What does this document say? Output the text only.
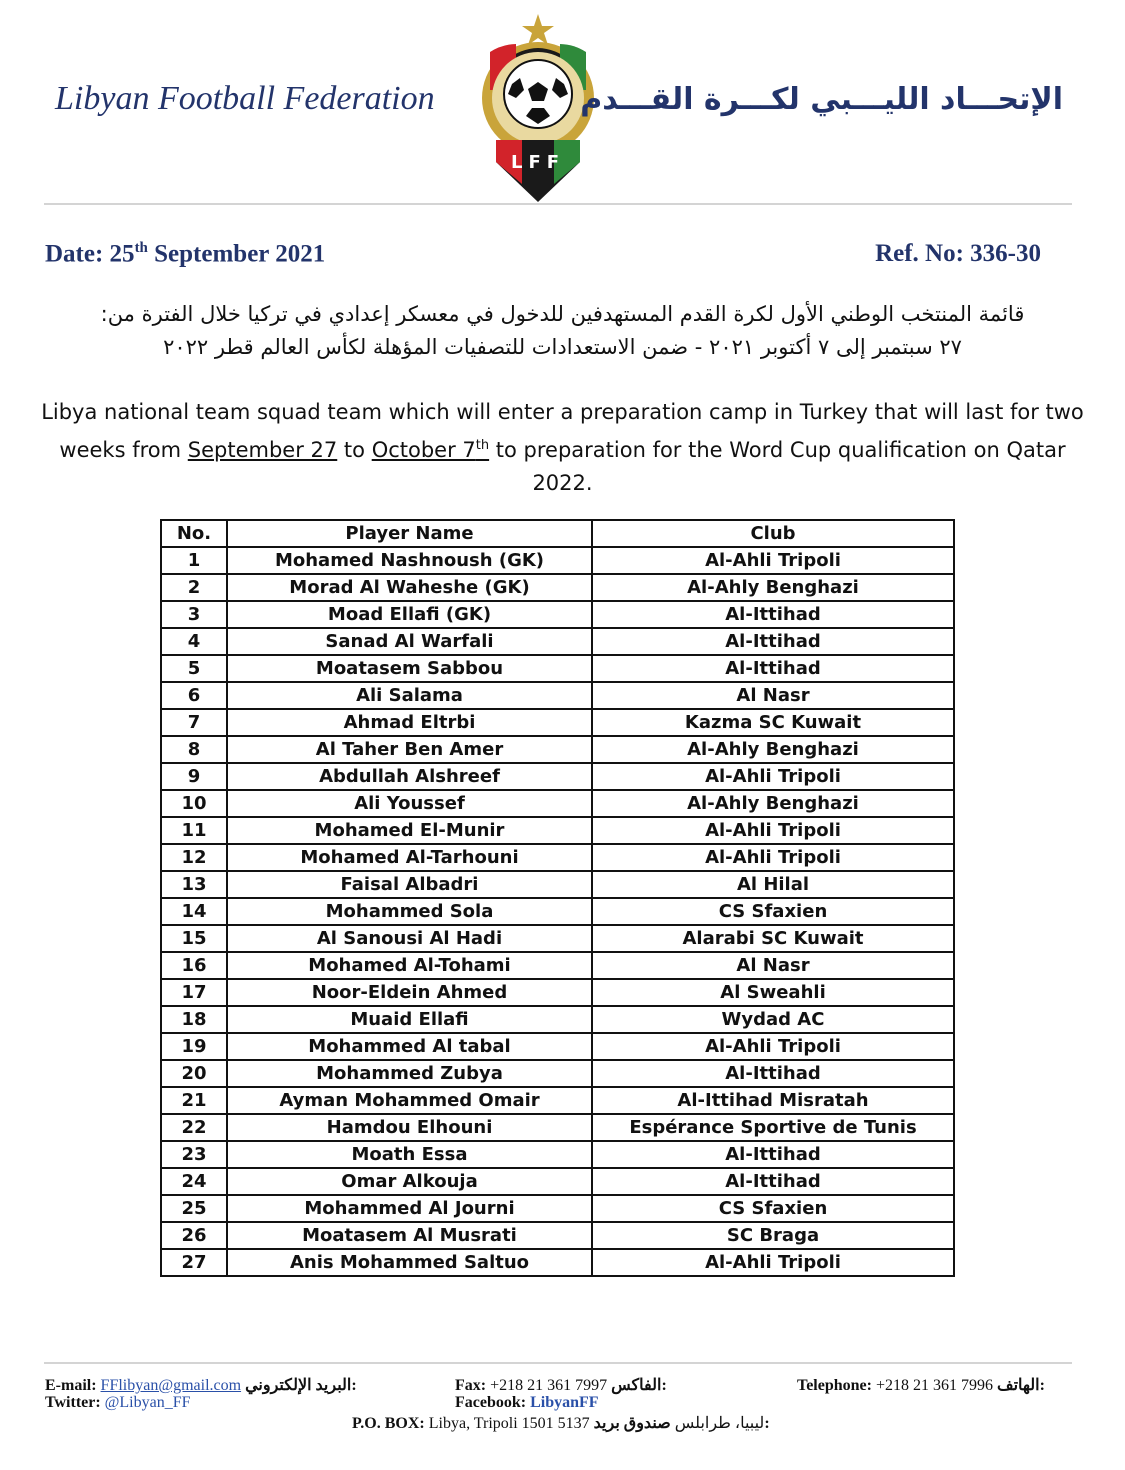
Libyan Football Federation
LFF
الإتحـــاد الليـــبي لكـــرة القـــدم
Date: 25th September 2021	Ref. No: 336-30
قائمة المنتخب الوطني الأول لكرة القدم المستهدفين للدخول في معسكر إعدادي في تركيا خلال الفترة من:
٢٧ سبتمبر إلى ٧ أكتوبر ٢٠٢١ - ضمن الاستعدادات للتصفيات المؤهلة لكأس العالم قطر ٢٠٢٢
Libya national team squad team which will enter a preparation camp in Turkey that will last for two weeks from September 27 to October 7th to preparation for the Word Cup qualification on Qatar 2022.
No.	Player Name	Club
1	Mohamed Nashnoush (GK)	Al-Ahli Tripoli
2	Morad Al Waheshe (GK)	Al-Ahly Benghazi
3	Moad Ellafi (GK)	Al-Ittihad
4	Sanad Al Warfali	Al-Ittihad
5	Moatasem Sabbou	Al-Ittihad
6	Ali Salama	Al Nasr
7	Ahmad Eltrbi	Kazma SC Kuwait
8	Al Taher Ben Amer	Al-Ahly Benghazi
9	Abdullah Alshreef	Al-Ahli Tripoli
10	Ali Youssef	Al-Ahly Benghazi
11	Mohamed El-Munir	Al-Ahli Tripoli
12	Mohamed Al-Tarhouni	Al-Ahli Tripoli
13	Faisal Albadri	Al Hilal
14	Mohammed Sola	CS Sfaxien
15	Al Sanousi Al Hadi	Alarabi SC Kuwait
16	Mohamed Al-Tohami	Al Nasr
17	Noor-Eldein Ahmed	Al Sweahli
18	Muaid Ellafi	Wydad AC
19	Mohammed Al tabal	Al-Ahli Tripoli
20	Mohammed Zubya	Al-Ittihad
21	Ayman Mohammed Omair	Al-Ittihad Misratah
22	Hamdou Elhouni	Espérance Sportive de Tunis
23	Moath Essa	Al-Ittihad
24	Omar Alkouja	Al-Ittihad
25	Mohammed Al Journi	CS Sfaxien
26	Moatasem Al Musrati	SC Braga
27	Anis Mohammed Saltuo	Al-Ahli Tripoli
E-mail: FFlibyan@gmail.com البريد الإلكتروني:
Twitter: @Libyan_FF
Fax: +218 21 361 7997 الفاكس:
Facebook: LibyanFF
Telephone: +218 21 361 7996 الهاتف:
P.O. BOX: Libya, Tripoli 1501 5137 ليبيا، طرابلس صندوق بريد:
